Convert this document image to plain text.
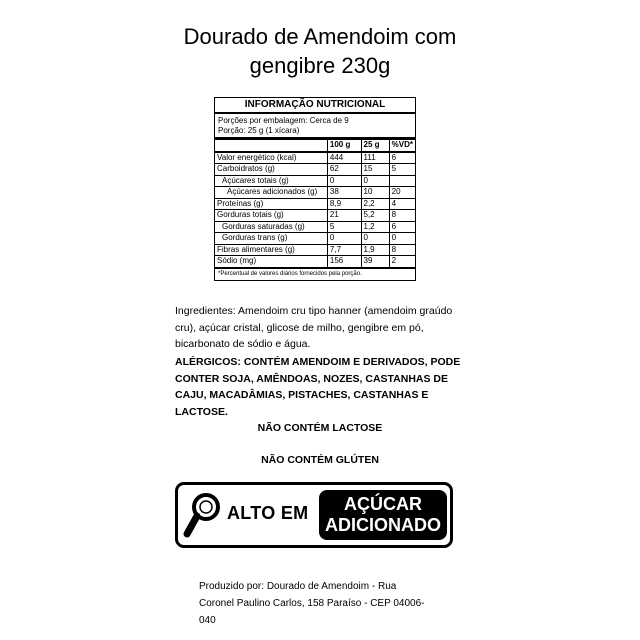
Dourado de Amendoim com
gengibre 230g
INFORMAÇÃO NUTRICIONAL
Porções por embalagem: Cerca de 9
Porção: 25 g (1 xícara)
	100 g	25 g	%VD*
Valor energético (kcal)	444	111	6
Carboidratos (g)	62	15	5
Açúcares totais (g)	0	0	
Açúcares adicionados (g)	38	10	20
Proteínas (g)	8,9	2,2	4
Gorduras totais (g)	21	5,2	8
Gorduras saturadas (g)	5	1,2	6
Gorduras trans (g)	0	0	0
Fibras alimentares (g)	7,7	1,9	8
Sódio (mg)	156	39	2
*Percentual de valores diários fornecidos pela porção.
Ingredientes: Amendoim cru tipo hanner (amendoim graúdo cru), açúcar cristal, glicose de milho, gengibre em pó, bicarbonato de sódio e água.
ALÉRGICOS: CONTÉM AMENDOIM E DERIVADOS, PODE CONTER SOJA, AMÊNDOAS, NOZES, CASTANHAS DE CAJU, MACADÂMIAS, PISTACHES, CASTANHAS E LACTOSE.
NÃO CONTÉM LACTOSE
NÃO CONTÉM GLÚTEN
ALTO EM	AÇÚCAR
ADICIONADO
Produzido por: Dourado de Amendoim - Rua Coronel Paulino Carlos, 158 Paraíso - CEP 04006-040
